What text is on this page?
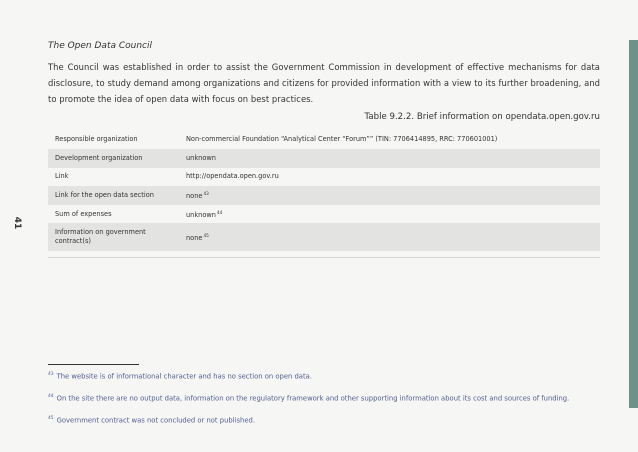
41
The Open Data Council

The Council was established in order to assist the Government Commission in development of effective mechanisms for data disclosure, to study demand among organizations and citizens for provided information with a view to its further broadening, and to promote the idea of open data with focus on best practices.

Table 9.2.2. Brief information on opendata.open.gov.ru
Responsible organization	Non-commercial Foundation “Analytical Center “Forum”” (TIN: 7706414895, RRC: 770601001)
Development organization	unknown
Link	http://opendata.open.gov.ru
Link for the open data section	none$^{43}$
Sum of expenses	unknown$^{44}$
Information on government contract(s)	none$^{45}$

$^{43}$ The website is of informational character and has no section on open data.
$^{44}$ On the site there are no output data, information on the regulatory framework and other supporting information about its cost and sources of funding.
$^{45}$ Government contract was not concluded or not published.
